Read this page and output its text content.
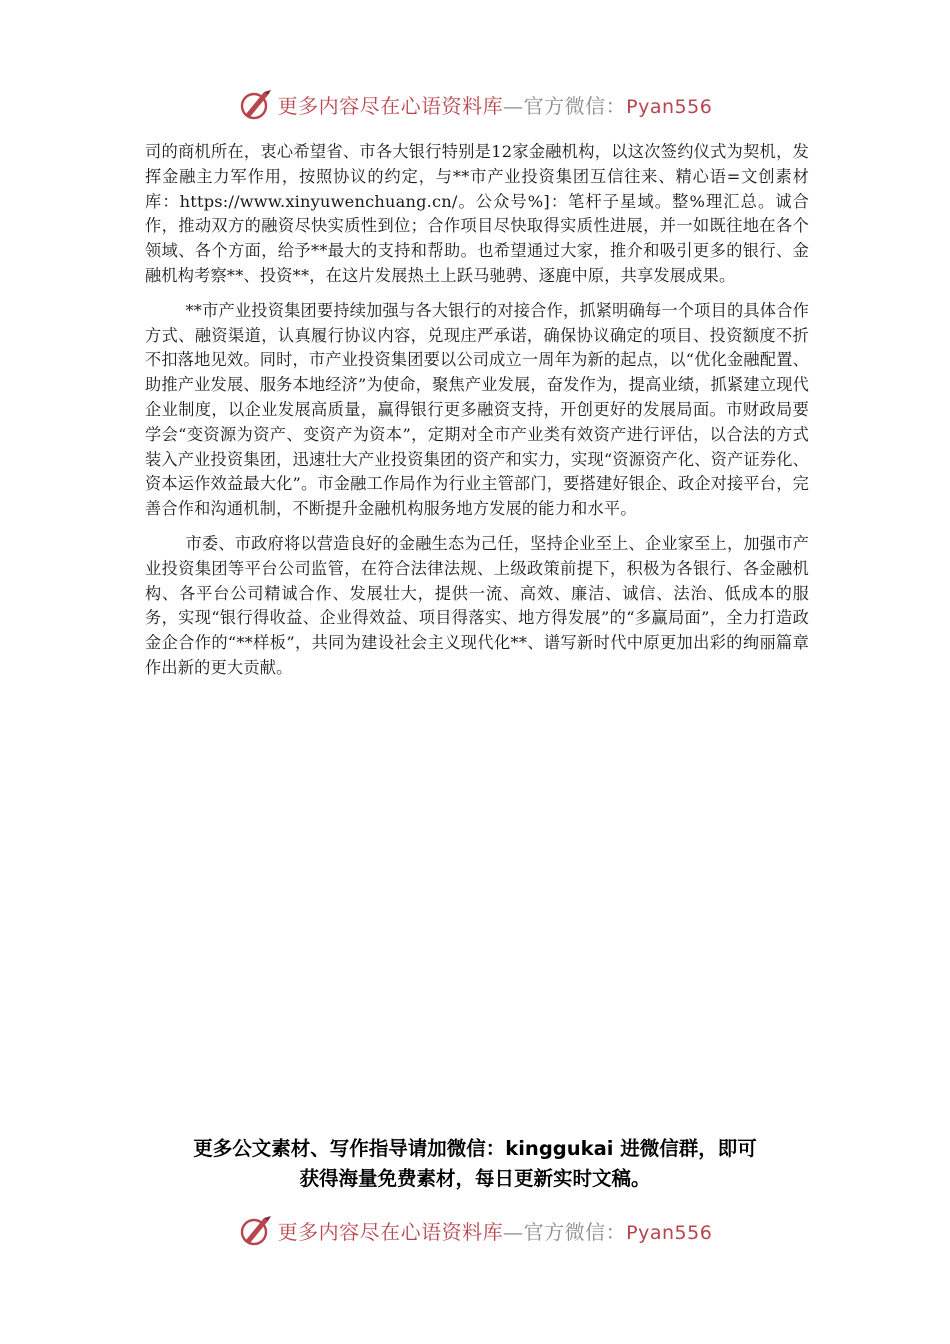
更多内容尽在心语资料库—官方微信：Pyan556

司的商机所在，衷心希望省、市各大银行特别是12家金融机构，以这次签约仪式为契机，发挥金融主力军作用，按照协议的约定，与**市产业投资集团互信往来、精心语=文创素材库：https://www.xinyuwenchuang.cn/。公众号%]：笔杆子星域。整%理汇总。诚合作，推动双方的融资尽快实质性到位；合作项目尽快取得实质性进展，并一如既往地在各个领域、各个方面，给予**最大的支持和帮助。也希望通过大家，推介和吸引更多的银行、金融机构考察**、投资**，在这片发展热土上跃马驰骋、逐鹿中原，共享发展成果。

**市产业投资集团要持续加强与各大银行的对接合作，抓紧明确每一个项目的具体合作方式、融资渠道，认真履行协议内容，兑现庄严承诺，确保协议确定的项目、投资额度不折不扣落地见效。同时，市产业投资集团要以公司成立一周年为新的起点，以“优化金融配置、助推产业发展、服务本地经济”为使命，聚焦产业发展，奋发作为，提高业绩，抓紧建立现代企业制度，以企业发展高质量，赢得银行更多融资支持，开创更好的发展局面。市财政局要学会“变资源为资产、变资产为资本”，定期对全市产业类有效资产进行评估，以合法的方式装入产业投资集团，迅速壮大产业投资集团的资产和实力，实现“资源资产化、资产证券化、资本运作效益最大化”。市金融工作局作为行业主管部门，要搭建好银企、政企对接平台，完善合作和沟通机制，不断提升金融机构服务地方发展的能力和水平。

市委、市政府将以营造良好的金融生态为己任，坚持企业至上、企业家至上，加强市产业投资集团等平台公司监管，在符合法律法规、上级政策前提下，积极为各银行、各金融机构、各平台公司精诚合作、发展壮大，提供一流、高效、廉洁、诚信、法治、低成本的服务，实现“银行得收益、企业得效益、项目得落实、地方得发展”的“多赢局面”，全力打造政金企合作的“**样板”，共同为建设社会主义现代化**、谱写新时代中原更加出彩的绚丽篇章作出新的更大贡献。

更多公文素材、写作指导请加微信：kinggukai 进微信群，即可
获得海量免费素材，每日更新实时文稿。
更多内容尽在心语资料库—官方微信：Pyan556
